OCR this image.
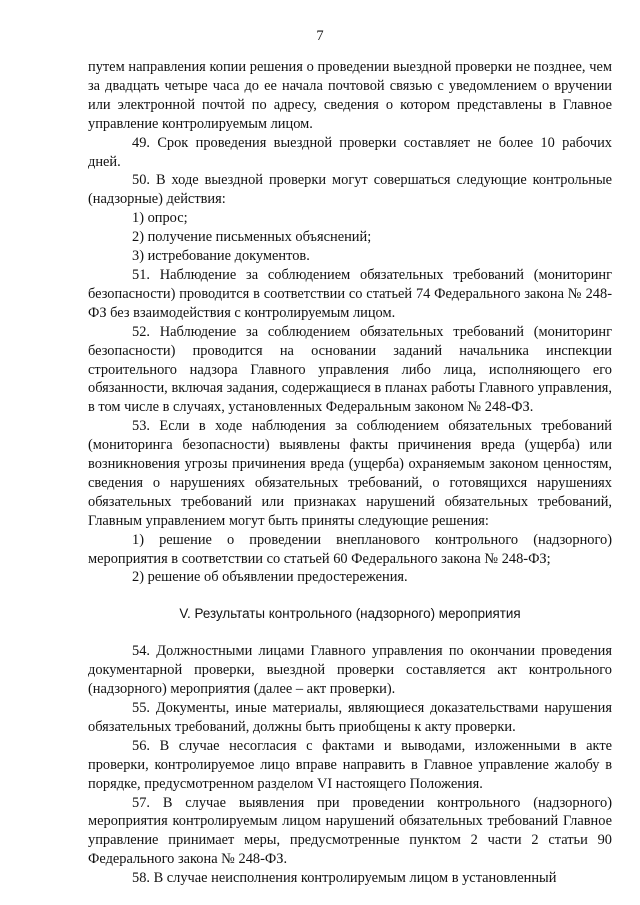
7

путем направления копии решения о проведении выездной проверки не позднее, чем за двадцать четыре часа до ее начала почтовой связью с уведомлением о вручении или электронной почтой по адресу, сведения о котором представлены в Главное управление контролируемым лицом.

49. Срок проведения выездной проверки составляет не более 10 рабочих дней.

50. В ходе выездной проверки могут совершаться следующие контрольные (надзорные) действия:

1) опрос;

2) получение письменных объяснений;

3) истребование документов.

51. Наблюдение за соблюдением обязательных требований (мониторинг безопасности) проводится в соответствии со статьей 74 Федерального закона № 248-ФЗ без взаимодействия с контролируемым лицом.

52. Наблюдение за соблюдением обязательных требований (мониторинг безопасности) проводится на основании заданий начальника инспекции строительного надзора Главного управления либо лица, исполняющего его обязанности, включая задания, содержащиеся в планах работы Главного управления, в том числе в случаях, установленных Федеральным законом № 248-ФЗ.

53. Если в ходе наблюдения за соблюдением обязательных требований (мониторинга безопасности) выявлены факты причинения вреда (ущерба) или возникновения угрозы причинения вреда (ущерба) охраняемым законом ценностям, сведения о нарушениях обязательных требований, о готовящихся нарушениях обязательных требований или признаках нарушений обязательных требований, Главным управлением могут быть приняты следующие решения:

1) решение о проведении внепланового контрольного (надзорного) мероприятия в соответствии со статьей 60 Федерального закона № 248-ФЗ;

2) решение об объявлении предостережения.

V. Результаты контрольного (надзорного) мероприятия

54. Должностными лицами Главного управления по окончании проведения документарной проверки, выездной проверки составляется акт контрольного (надзорного) мероприятия (далее – акт проверки).

55. Документы, иные материалы, являющиеся доказательствами нарушения обязательных требований, должны быть приобщены к акту проверки.

56. В случае несогласия с фактами и выводами, изложенными в акте проверки, контролируемое лицо вправе направить в Главное управление жалобу в порядке, предусмотренном разделом VI настоящего Положения.

57. В случае выявления при проведении контрольного (надзорного) мероприятия контролируемым лицом нарушений обязательных требований Главное управление принимает меры, предусмотренные пунктом 2 части 2 статьи 90 Федерального закона № 248-ФЗ.

58. В случае неисполнения контролируемым лицом в установленный
